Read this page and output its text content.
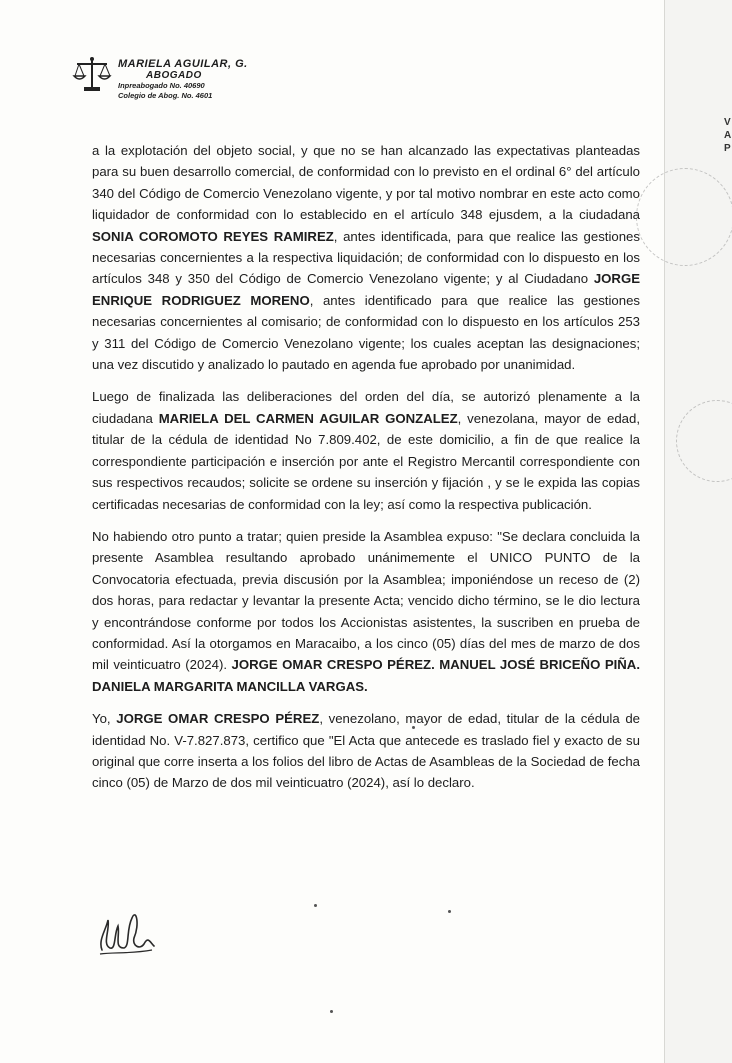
V
A
P
MARIELA AGUILAR, G.
ABOGADO
Inpreabogado No. 40690
Colegio de Abog. No. 4601

a la explotación del objeto social, y que no se han alcanzado las expectativas planteadas para su buen desarrollo comercial, de conformidad con lo previsto en el ordinal 6° del artículo 340 del Código de Comercio Venezolano vigente, y por tal motivo nombrar en este acto como liquidador de conformidad con lo establecido en el artículo 348 ejusdem, a la ciudadana SONIA COROMOTO REYES RAMIREZ, antes identificada, para que realice las gestiones necesarias concernientes a la respectiva liquidación; de conformidad con lo dispuesto en los artículos 348 y 350 del Código de Comercio Venezolano vigente; y al Ciudadano JORGE ENRIQUE RODRIGUEZ MORENO, antes identificado para que realice las gestiones necesarias concernientes al comisario; de conformidad con lo dispuesto en los artículos 253 y 311 del Código de Comercio Venezolano vigente; los cuales aceptan las designaciones; una vez discutido y analizado lo pautado en agenda fue aprobado por unanimidad.

Luego de finalizada las deliberaciones del orden del día, se autorizó plenamente a la ciudadana MARIELA DEL CARMEN AGUILAR GONZALEZ, venezolana, mayor de edad, titular de la cédula de identidad No 7.809.402, de este domicilio, a fin de que realice la correspondiente participación e inserción por ante el Registro Mercantil correspondiente con sus respectivos recaudos; solicite se ordene su inserción y fijación , y se le expida las copias certificadas necesarias de conformidad con la ley; así como la respectiva publicación.

No habiendo otro punto a tratar; quien preside la Asamblea expuso: "Se declara concluida la presente Asamblea resultando aprobado unánimemente el UNICO PUNTO de la Convocatoria efectuada, previa discusión por la Asamblea; imponiéndose un receso de (2) dos horas, para redactar y levantar la presente Acta; vencido dicho término, se le dio lectura y encontrándose conforme por todos los Accionistas asistentes, la suscriben en prueba de conformidad. Así la otorgamos en Maracaibo, a los cinco (05) días del mes de marzo de dos mil veinticuatro (2024). JORGE OMAR CRESPO PÉREZ. MANUEL JOSÉ BRICEÑO PIÑA. DANIELA MARGARITA MANCILLA VARGAS.

Yo, JORGE OMAR CRESPO PÉREZ, venezolano, mayor de edad, titular de la cédula de identidad No. V-7.827.873, certifico que "El Acta que antecede es traslado fiel y exacto de su original que corre inserta a los folios del libro de Actas de Asambleas de la Sociedad de fecha cinco (05) de Marzo de dos mil veinticuatro (2024), así lo declaro.
